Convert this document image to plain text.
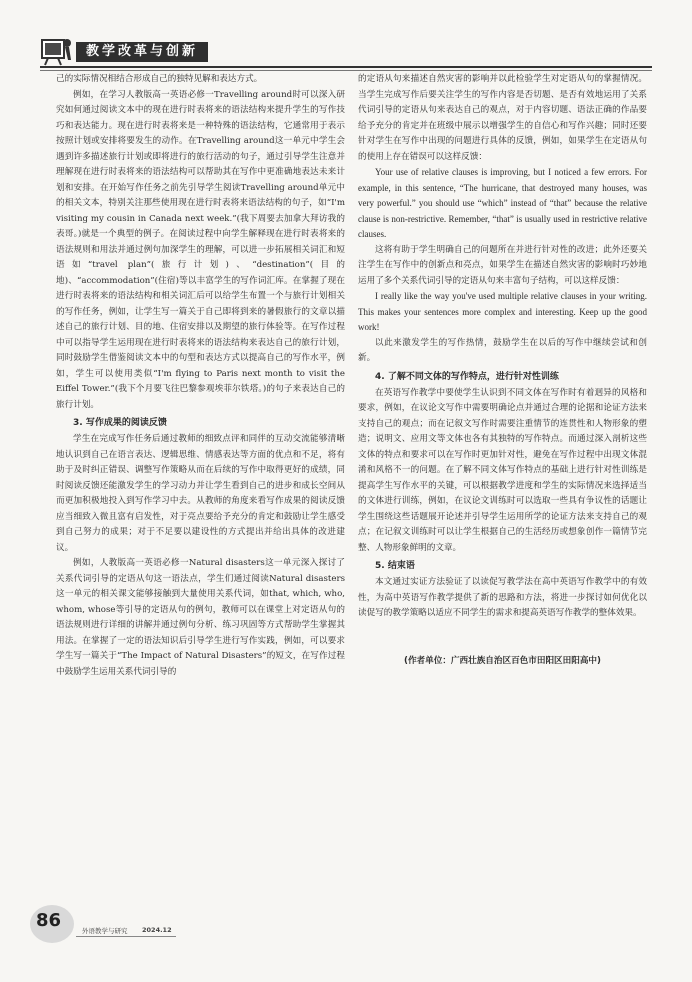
教学改革与创新

己的实际情况相结合形成自己的独特见解和表达方式。

例如，在学习人教版高一英语必修一Travelling around时可以深入研究如何通过阅读文本中的现在进行时表将来的语法结构来提升学生的写作技巧和表达能力。现在进行时表将来是一种特殊的语法结构，它通常用于表示按照计划或安排将要发生的动作。在Travelling around这一单元中学生会遇到许多描述旅行计划或即将进行的旅行活动的句子，通过引导学生注意并理解现在进行时表将来的语法结构可以帮助其在写作中更准确地表达未来计划和安排。在开始写作任务之前先引导学生阅读Travelling around单元中的相关文本，特别关注那些使用现在进行时表将来语法结构的句子，如“I'm visiting my cousin in Canada next week.”(我下周要去加拿大拜访我的表哥。)就是一个典型的例子。在阅读过程中向学生解释现在进行时表将来的语法规则和用法并通过例句加深学生的理解，可以进一步拓展相关词汇和短语如“travel plan”(旅行计划)、“destination”(目的地)、“accommodation”(住宿)等以丰富学生的写作词汇库。在掌握了现在进行时表将来的语法结构和相关词汇后可以给学生布置一个与旅行计划相关的写作任务，例如，让学生写一篇关于自己即将到来的暑假旅行的文章以描述自己的旅行计划、目的地、住宿安排以及期望的旅行体验等。在写作过程中可以指导学生运用现在进行时表将来的语法结构来表达自己的旅行计划，同时鼓励学生借鉴阅读文本中的句型和表达方式以提高自己的写作水平，例如，学生可以使用类似“I'm flying to Paris next month to visit the Eiffel Tower.”(我下个月要飞往巴黎参观埃菲尔铁塔。)的句子来表达自己的旅行计划。

3. 写作成果的阅读反馈

学生在完成写作任务后通过教师的细致点评和同伴的互动交流能够清晰地认识到自己在语言表达、逻辑思维、情感表达等方面的优点和不足，将有助于及时纠正错误、调整写作策略从而在后续的写作中取得更好的成绩，同时阅读反馈还能激发学生的学习动力并让学生看到自己的进步和成长空间从而更加积极地投入到写作学习中去。从教师的角度来看写作成果的阅读反馈应当细致入微且富有启发性，对于亮点要给予充分的肯定和鼓励让学生感受到自己努力的成果；对于不足要以建设性的方式提出并给出具体的改进建议。

例如，人教版高一英语必修一Natural disasters这一单元深入探讨了关系代词引导的定语从句这一语法点，学生们通过阅读Natural disasters这一单元的相关课文能够接触到大量使用关系代词，如that, which, who, whom, whose等引导的定语从句的例句，教师可以在课堂上对定语从句的语法规则进行详细的讲解并通过例句分析、练习巩固等方式帮助学生掌握其用法。在掌握了一定的语法知识后引导学生进行写作实践，例如，可以要求学生写一篇关于“The Impact of Natural Disasters”的短文，在写作过程中鼓励学生运用关系代词引导的

的定语从句来描述自然灾害的影响并以此检验学生对定语从句的掌握情况。当学生完成写作后要关注学生的写作内容是否切题、是否有效地运用了关系代词引导的定语从句来表达自己的观点，对于内容切题、语法正确的作品要给予充分的肯定并在班级中展示以增强学生的自信心和写作兴趣；同时还要针对学生在写作中出现的问题进行具体的反馈，例如，如果学生在定语从句的使用上存在错误可以这样反馈：

Your use of relative clauses is improving, but I noticed a few errors. For example, in this sentence, “The hurricane, that destroyed many houses, was very powerful.” you should use “which” instead of “that” because the relative clause is non-restrictive. Remember, “that” is usually used in restrictive relative clauses.

这将有助于学生明确自己的问题所在并进行针对性的改进；此外还要关注学生在写作中的创新点和亮点，如果学生在描述自然灾害的影响时巧妙地运用了多个关系代词引导的定语从句来丰富句子结构，可以这样反馈：

I really like the way you've used multiple relative clauses in your writing. This makes your sentences more complex and interesting. Keep up the good work!

以此来激发学生的写作热情，鼓励学生在以后的写作中继续尝试和创新。

4. 了解不同文体的写作特点，进行针对性训练

在英语写作教学中要使学生认识到不同文体在写作时有着迥异的风格和要求，例如，在议论文写作中需要明确论点并通过合理的论据和论证方法来支持自己的观点；而在记叙文写作时需要注重情节的连贯性和人物形象的塑造；说明文、应用文等文体也各有其独特的写作特点。而通过深入剖析这些文体的特点和要求可以在写作时更加针对性，避免在写作过程中出现文体混淆和风格不一的问题。在了解不同文体写作特点的基础上进行针对性训练是提高学生写作水平的关键，可以根据教学进度和学生的实际情况来选择适当的文体进行训练，例如，在议论文训练时可以选取一些具有争议性的话题让学生围绕这些话题展开论述并引导学生运用所学的论证方法来支持自己的观点；在记叙文训练时可以让学生根据自己的生活经历或想象创作一篇情节完整、人物形象鲜明的文章。

5. 结束语

本文通过实证方法验证了以读促写教学法在高中英语写作教学中的有效性，为高中英语写作教学提供了新的思路和方法，将进一步探讨如何优化以读促写的教学策略以适应不同学生的需求和提高英语写作教学的整体效果。

(作者单位：广西壮族自治区百色市田阳区田阳高中)
86	外语教学与研究 2024.12
